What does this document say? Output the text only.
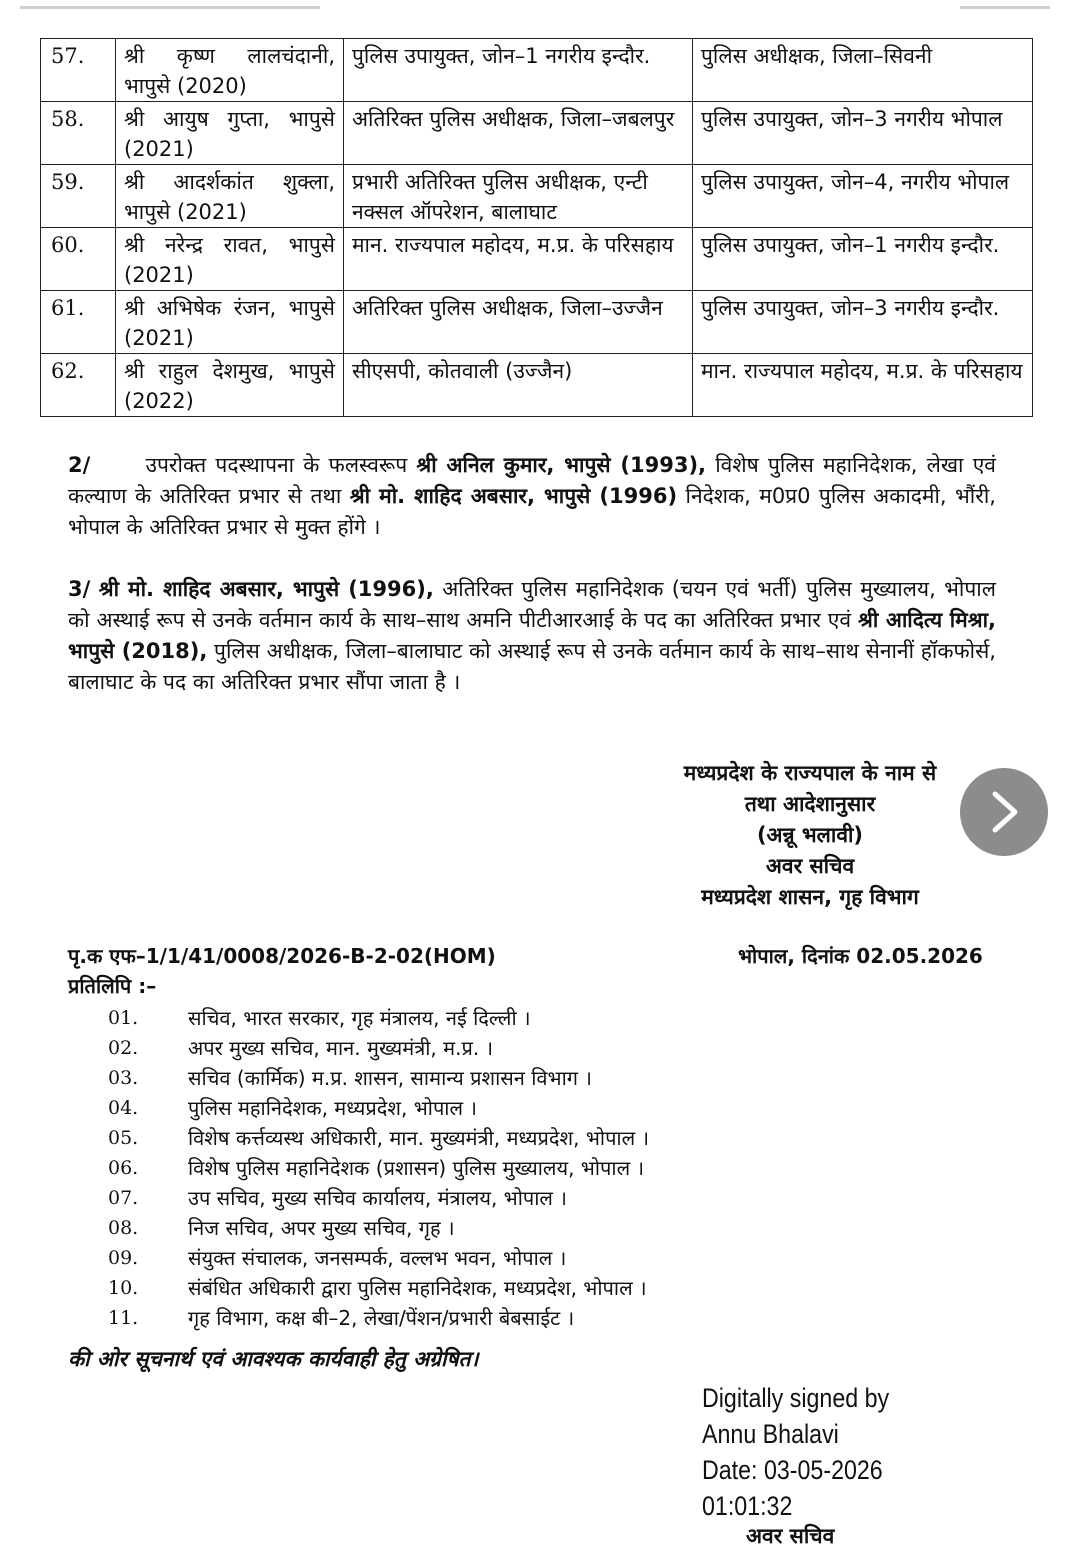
57.	श्री कृष्ण लालचंदानी, भापुसे (2020)	पुलिस उपायुक्त, जोन–1 नगरीय इन्दौर.	पुलिस अधीक्षक, जिला–सिवनी
58.	श्री आयुष गुप्ता, भापुसे (2021)	अतिरिक्त पुलिस अधीक्षक, जिला–जबलपुर	पुलिस उपायुक्त, जोन–3 नगरीय भोपाल
59.	श्री आदर्शकांत शुक्ला, भापुसे (2021)	प्रभारी अतिरिक्त पुलिस अधीक्षक, एन्टी नक्सल ऑपरेशन, बालाघाट	पुलिस उपायुक्त, जोन–4, नगरीय भोपाल
60.	श्री नरेन्द्र रावत, भापुसे (2021)	मान. राज्यपाल महोदय, म.प्र. के परिसहाय	पुलिस उपायुक्त, जोन–1 नगरीय इन्दौर.
61.	श्री अभिषेक रंजन, भापुसे (2021)	अतिरिक्त पुलिस अधीक्षक, जिला–उज्जैन	पुलिस उपायुक्त, जोन–3 नगरीय इन्दौर.
62.	श्री राहुल देशमुख, भापुसे (2022)	सीएसपी, कोतवाली (उज्जैन)	मान. राज्यपाल महोदय, म.प्र. के परिसहाय

2/	उपरोक्त पदस्थापना के फलस्वरूप श्री अनिल कुमार, भापुसे (1993), विशेष पुलिस महानिदेशक, लेखा एवं कल्याण के अतिरिक्त प्रभार से तथा श्री मो. शाहिद अबसार, भापुसे (1996) निदेशक, म0प्र0 पुलिस अकादमी, भौंरी, भोपाल के अतिरिक्त प्रभार से मुक्त होंगे ।

3/ श्री मो. शाहिद अबसार, भापुसे (1996), अतिरिक्त पुलिस महानिदेशक (चयन एवं भर्ती) पुलिस मुख्यालय, भोपाल को अस्थाई रूप से उनके वर्तमान कार्य के साथ–साथ अमनि पीटीआरआई के पद का अतिरिक्त प्रभार एवं श्री आदित्य मिश्रा, भापुसे (2018), पुलिस अधीक्षक, जिला–बालाघाट को अस्थाई रूप से उनके वर्तमान कार्य के साथ–साथ सेनानीं हॉकफोर्स, बालाघाट के पद का अतिरिक्त प्रभार सौंपा जाता है ।

मध्यप्रदेश के राज्यपाल के नाम से
तथा आदेशानुसार
(अन्नू भलावी)
अवर सचिव
मध्यप्रदेश शासन, गृह विभाग
पृ.क एफ–1/1/41/0008/2026-B-2-02(HOM)	भोपाल, दिनांक 02.05.2026
प्रतिलिपि :–
01.	सचिव, भारत सरकार, गृह मंत्रालय, नई दिल्ली ।
02.	अपर मुख्य सचिव, मान. मुख्यमंत्री, म.प्र. ।
03.	सचिव (कार्मिक) म.प्र. शासन, सामान्य प्रशासन विभाग ।
04.	पुलिस महानिदेशक, मध्यप्रदेश, भोपाल ।
05.	विशेष कर्त्तव्यस्थ अधिकारी, मान. मुख्यमंत्री, मध्यप्रदेश, भोपाल ।
06.	विशेष पुलिस महानिदेशक (प्रशासन) पुलिस मुख्यालय, भोपाल ।
07.	उप सचिव, मुख्य सचिव कार्यालय, मंत्रालय, भोपाल ।
08.	निज सचिव, अपर मुख्य सचिव, गृह ।
09.	संयुक्त संचालक, जनसम्पर्क, वल्लभ भवन, भोपाल ।
10.	संबंधित अधिकारी द्वारा पुलिस महानिदेशक, मध्यप्रदेश, भोपाल ।
11.	गृह विभाग, कक्ष बी–2, लेखा/पेंशन/प्रभारी बेबसाईट ।
की ओर सूचनार्थ एवं आवश्यक कार्यवाही हेतु अग्रेषित।
Digitally signed by
Annu Bhalavi
Date: 03-05-2026
01:01:32
अवर सचिव
